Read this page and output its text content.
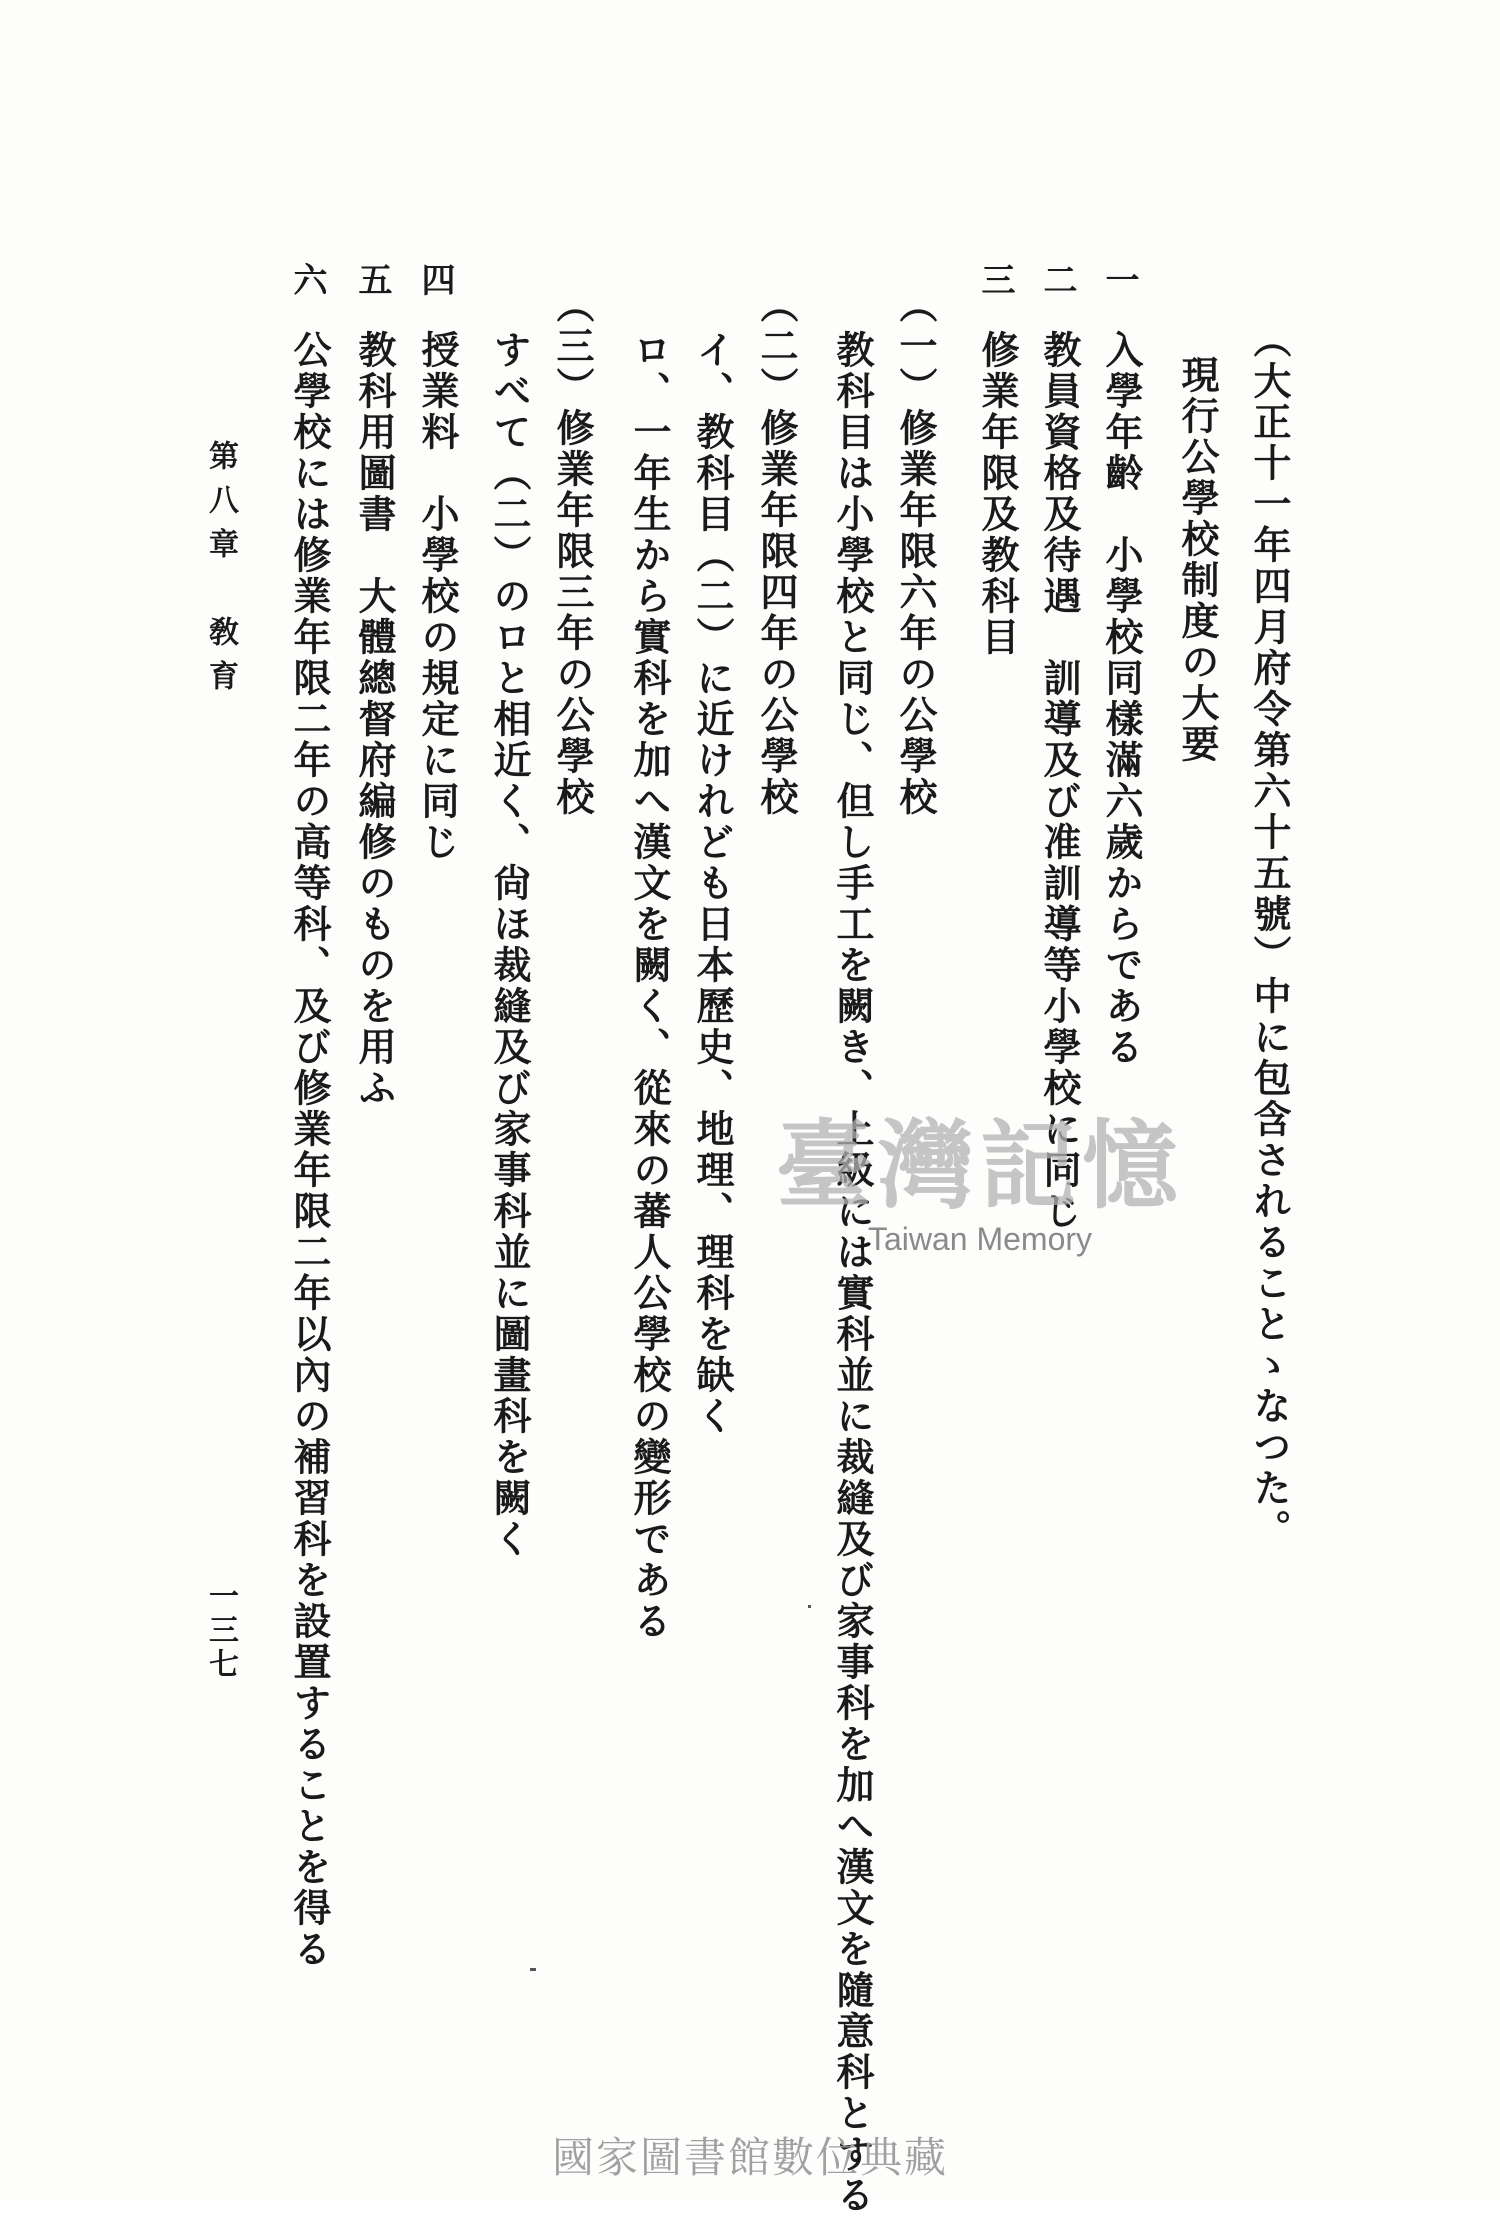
（大正十一年四月府令第六十五號）中に包含されることゝなつた。
現行公學校制度の大要
一
入學年齡　小學校同樣滿六歲からである
二
教員資格及待遇　訓導及び准訓導等小學校に同じ
三
修業年限及教科目
（一）修業年限六年の公學校
教科目は小學校と同じ、但し手工を闕き、上級には實科並に裁縫及び家事科を加へ漢文を隨意科とする
（二）修業年限四年の公學校
イ、教科目（二）に近けれども日本歷史、地理、理科を缺く
ロ、一年生から實科を加へ漢文を闕く、從來の蕃人公學校の變形である
（三）修業年限三年の公學校
すべて（二）のロと相近く、尙ほ裁縫及び家事科並に圖畫科を闕く
四
授業料　小學校の規定に同じ
五
教科用圖書　大體總督府編修のものを用ふ
六
公學校には修業年限二年の高等科、及び修業年限二年以內の補習科を設置することを得る
第八章　敎育
一三七
臺灣記憶
Taiwan Memory
國家圖書館數位典藏
